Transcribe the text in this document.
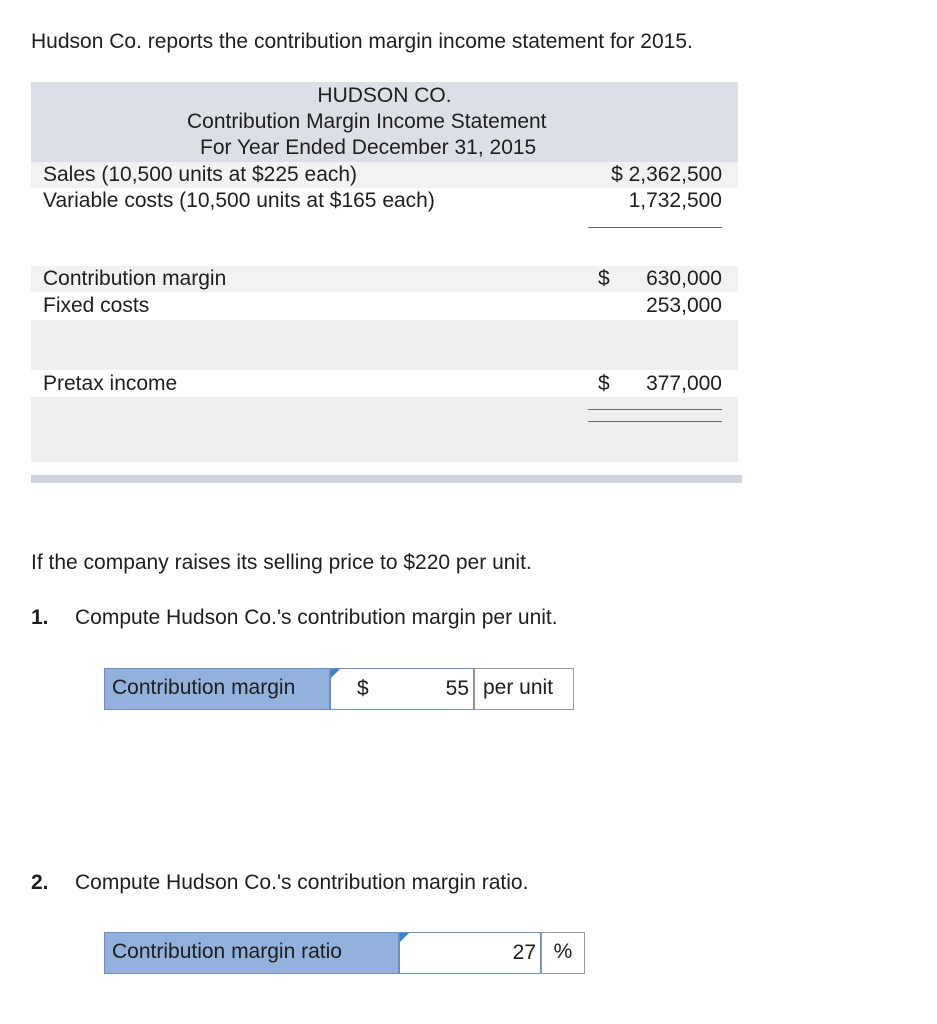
Hudson Co. reports the contribution margin income statement for 2015.
HUDSON CO.
Contribution Margin Income Statement
For Year Ended December 31, 2015
Sales (10,500 units at $225 each)	$ 2,362,500
Variable costs (10,500 units at $165 each)	1,732,500
Contribution margin	$	630,000
Fixed costs	253,000
Pretax income	$	377,000
If the company raises its selling price to $220 per unit.
1. Compute Hudson Co.'s contribution margin per unit.
Contribution margin	$	55 per unit
2. Compute Hudson Co.'s contribution margin ratio.
Contribution margin ratio	27 %
